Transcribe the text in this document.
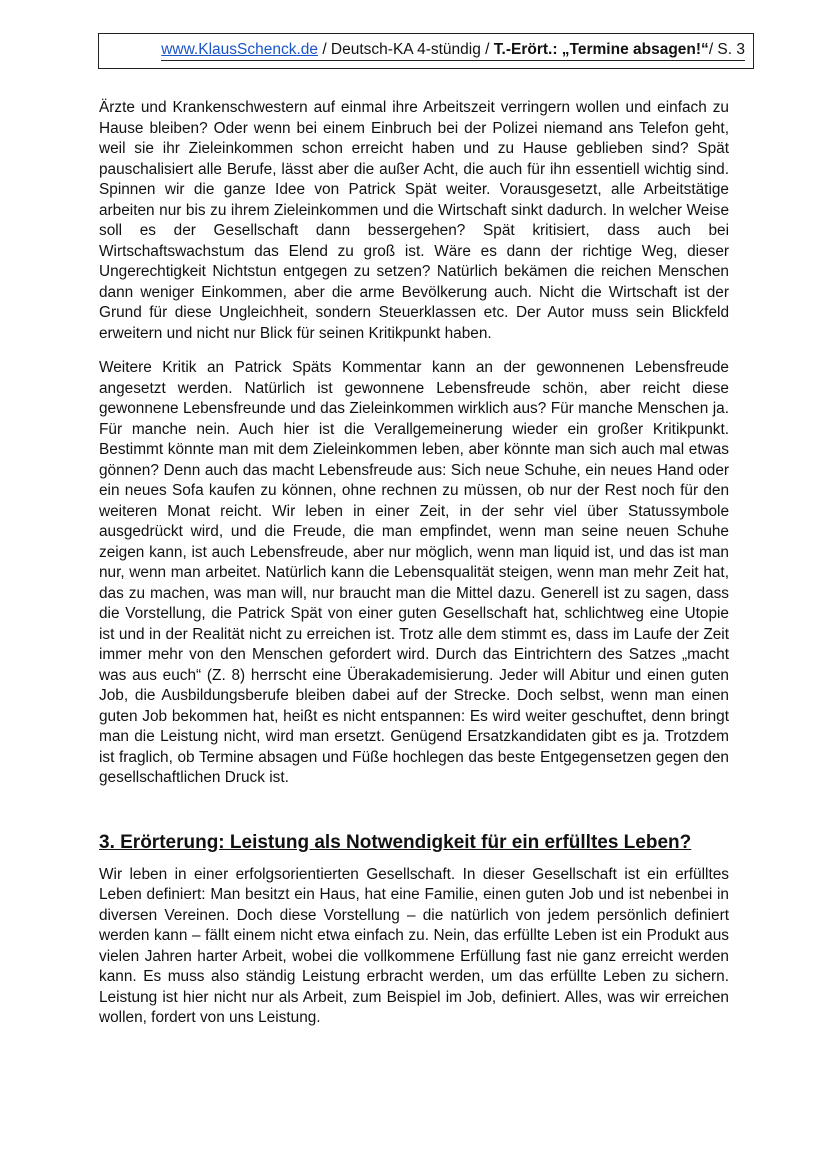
www.KlausSchenck.de / Deutsch-KA 4-stündig / T.-Erört.: „Termine absagen!“/ S. 3

Ärzte und Krankenschwestern auf einmal ihre Arbeitszeit verringern wollen und einfach zu Hause bleiben? Oder wenn bei einem Einbruch bei der Polizei niemand ans Telefon geht, weil sie ihr Zieleinkommen schon erreicht haben und zu Hause geblieben sind? Spät pauschalisiert alle Berufe, lässt aber die außer Acht, die auch für ihn essentiell wichtig sind. Spinnen wir die ganze Idee von Patrick Spät weiter. Vorausgesetzt, alle Arbeitstätige arbeiten nur bis zu ihrem Zieleinkommen und die Wirtschaft sinkt dadurch. In welcher Weise soll es der Gesellschaft dann bessergehen? Spät kritisiert, dass auch bei Wirtschaftswachstum das Elend zu groß ist. Wäre es dann der richtige Weg, dieser Ungerechtigkeit Nichtstun entgegen zu setzen? Natürlich bekämen die reichen Menschen dann weniger Einkommen, aber die arme Bevölkerung auch. Nicht die Wirtschaft ist der Grund für diese Ungleichheit, sondern Steuerklassen etc. Der Autor muss sein Blickfeld erweitern und nicht nur Blick für seinen Kritikpunkt haben.

Weitere Kritik an Patrick Späts Kommentar kann an der gewonnenen Lebensfreude angesetzt werden. Natürlich ist gewonnene Lebensfreude schön, aber reicht diese gewonnene Lebensfreunde und das Zieleinkommen wirklich aus? Für manche Menschen ja. Für manche nein. Auch hier ist die Verallgemeinerung wieder ein großer Kritikpunkt. Bestimmt könnte man mit dem Zieleinkommen leben, aber könnte man sich auch mal etwas gönnen? Denn auch das macht Lebensfreude aus: Sich neue Schuhe, ein neues Hand oder ein neues Sofa kaufen zu können, ohne rechnen zu müssen, ob nur der Rest noch für den weiteren Monat reicht. Wir leben in einer Zeit, in der sehr viel über Statussymbole ausgedrückt wird, und die Freude, die man empfindet, wenn man seine neuen Schuhe zeigen kann, ist auch Lebensfreude, aber nur möglich, wenn man liquid ist, und das ist man nur, wenn man arbeitet. Natürlich kann die Lebensqualität steigen, wenn man mehr Zeit hat, das zu machen, was man will, nur braucht man die Mittel dazu. Generell ist zu sagen, dass die Vorstellung, die Patrick Spät von einer guten Gesellschaft hat, schlichtweg eine Utopie ist und in der Realität nicht zu erreichen ist. Trotz alle dem stimmt es, dass im Laufe der Zeit immer mehr von den Menschen gefordert wird. Durch das Eintrichtern des Satzes „macht was aus euch“ (Z. 8) herrscht eine Überakademisierung. Jeder will Abitur und einen guten Job, die Ausbildungsberufe bleiben dabei auf der Strecke. Doch selbst, wenn man einen guten Job bekommen hat, heißt es nicht entspannen: Es wird weiter geschuftet, denn bringt man die Leistung nicht, wird man ersetzt. Genügend Ersatzkandidaten gibt es ja. Trotzdem ist fraglich, ob Termine absagen und Füße hochlegen das beste Entgegensetzen gegen den gesellschaftlichen Druck ist.

3. Erörterung: Leistung als Notwendigkeit für ein erfülltes Leben?

Wir leben in einer erfolgsorientierten Gesellschaft. In dieser Gesellschaft ist ein erfülltes Leben definiert: Man besitzt ein Haus, hat eine Familie, einen guten Job und ist nebenbei in diversen Vereinen. Doch diese Vorstellung – die natürlich von jedem persönlich definiert werden kann – fällt einem nicht etwa einfach zu. Nein, das erfüllte Leben ist ein Produkt aus vielen Jahren harter Arbeit, wobei die vollkommene Erfüllung fast nie ganz erreicht werden kann. Es muss also ständig Leistung erbracht werden, um das erfüllte Leben zu sichern. Leistung ist hier nicht nur als Arbeit, zum Beispiel im Job, definiert. Alles, was wir erreichen wollen, fordert von uns Leistung.
